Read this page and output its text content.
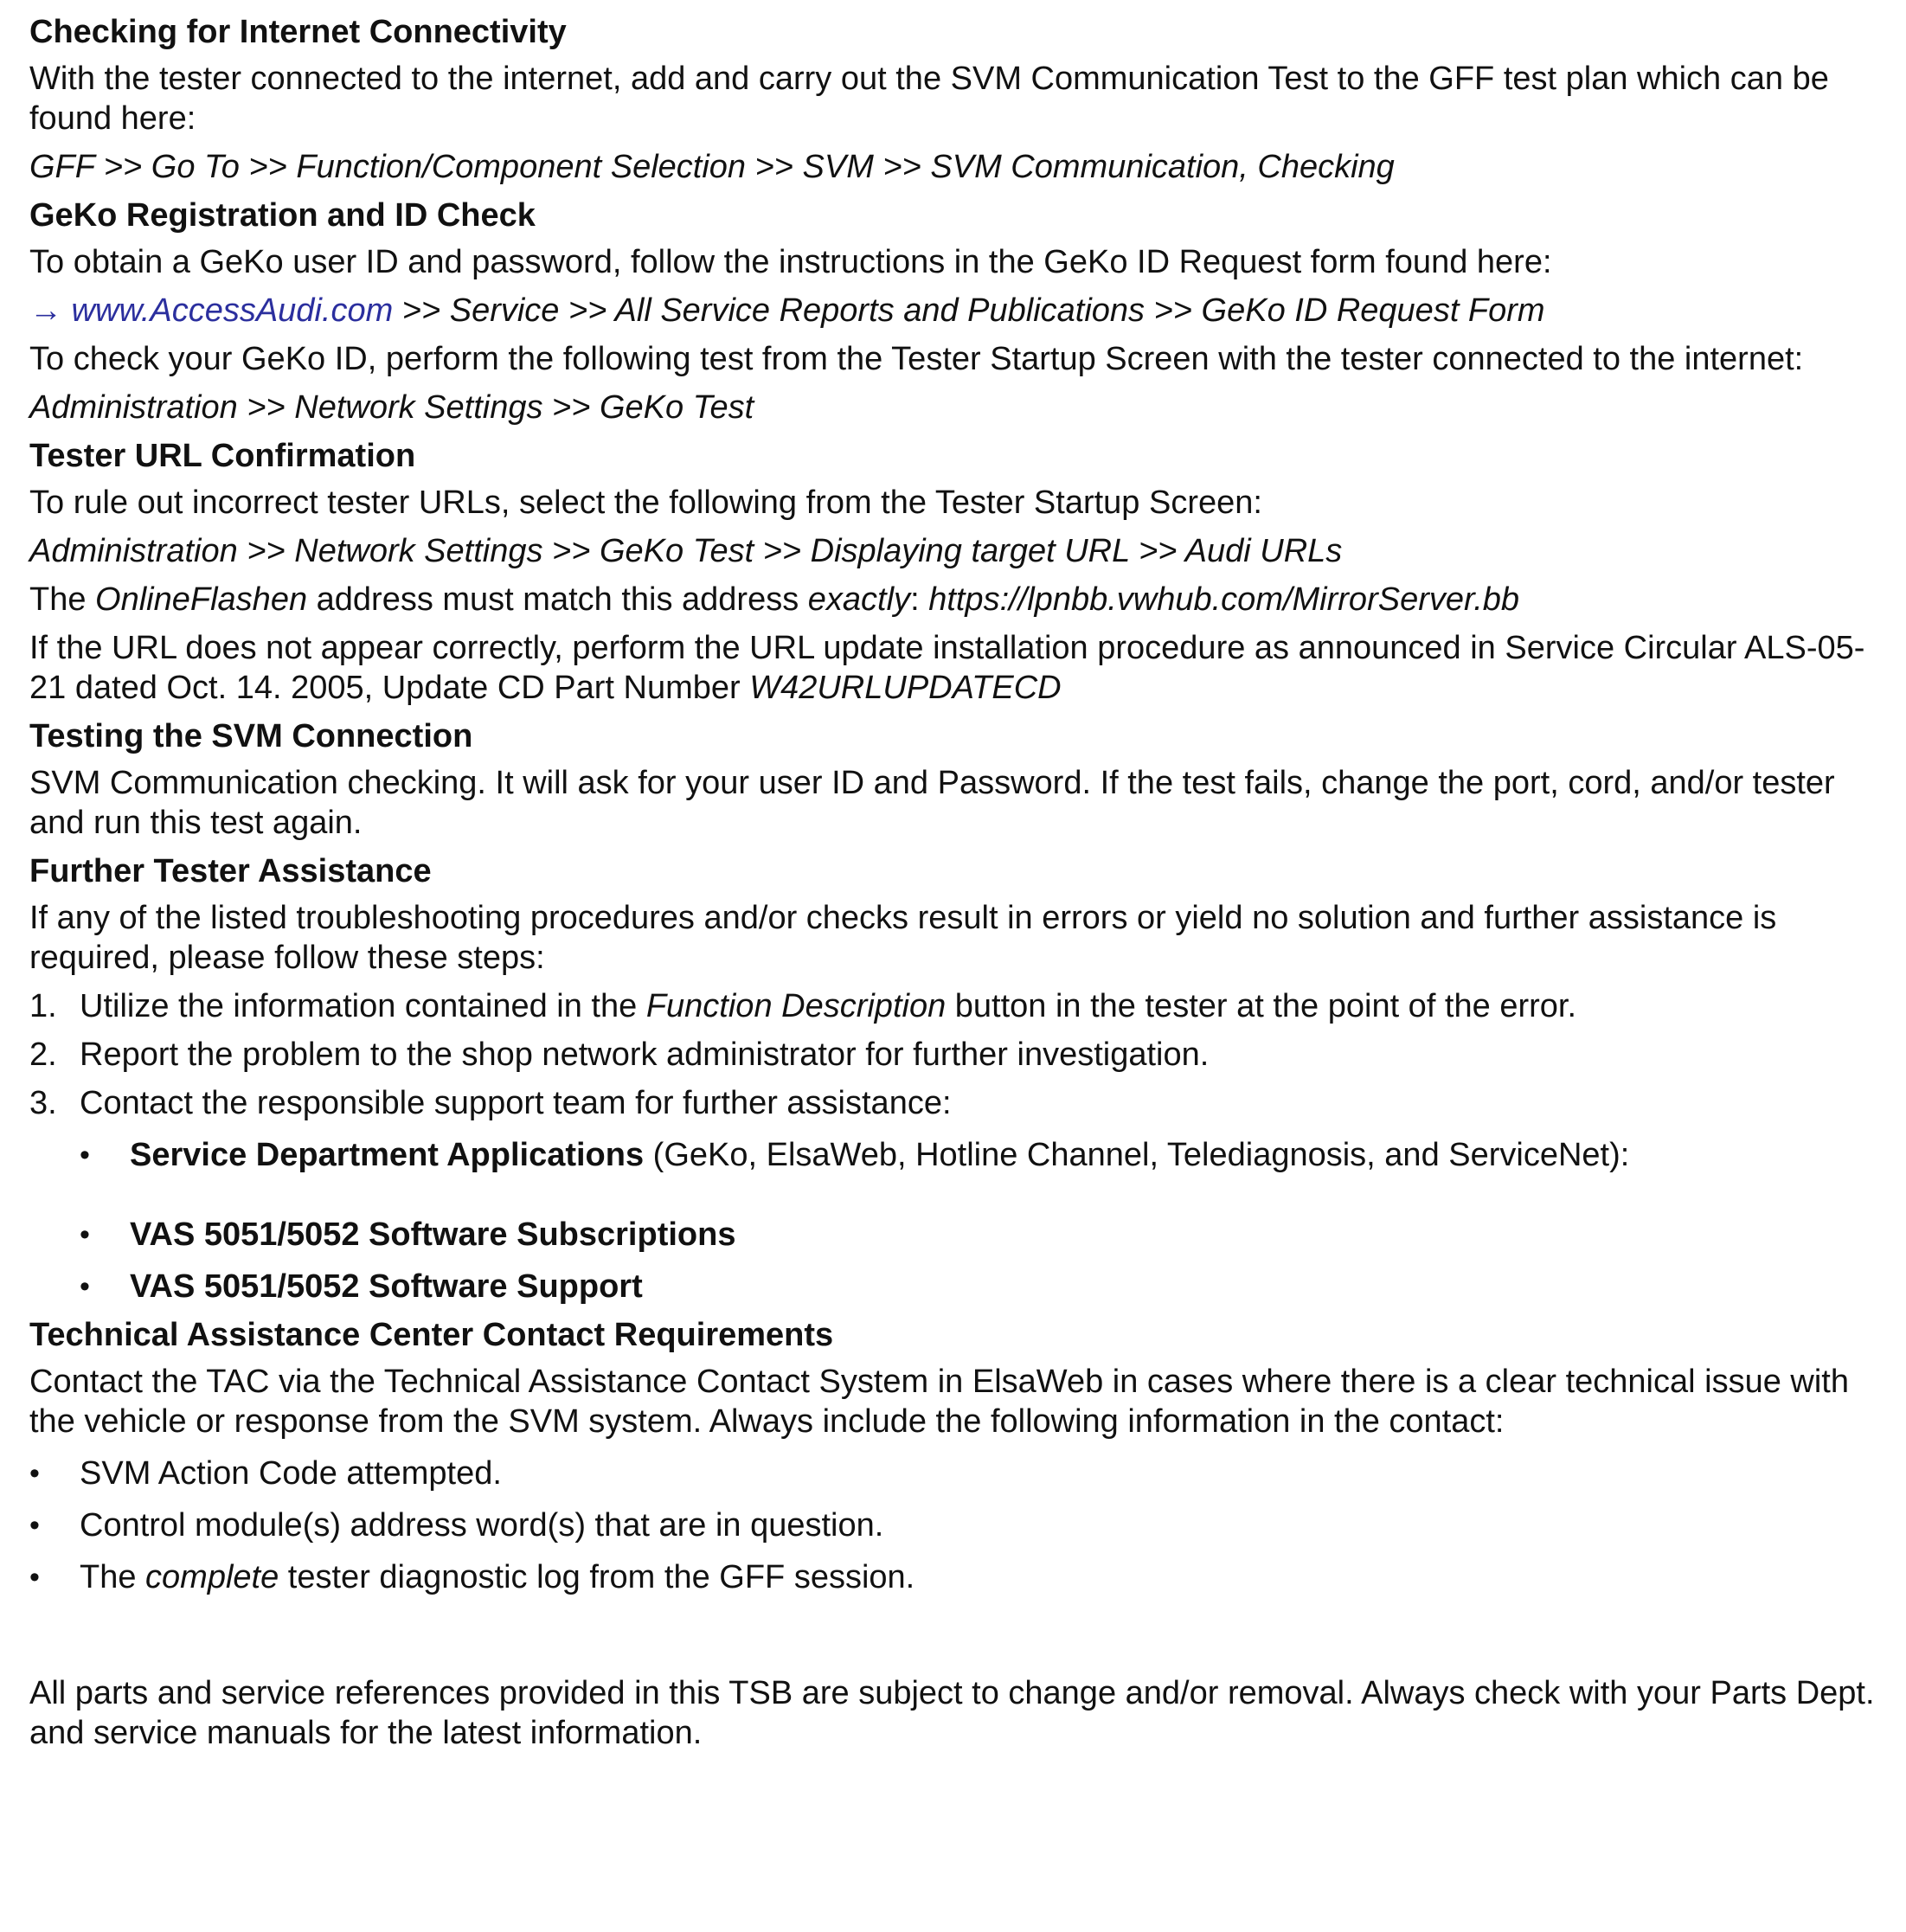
Checking for Internet Connectivity

With the tester connected to the internet, add and carry out the SVM Communication Test to the GFF test plan which can be found here:

GFF >> Go To >> Function/Component Selection >> SVM >> SVM Communication, Checking

GeKo Registration and ID Check

To obtain a GeKo user ID and password, follow the instructions in the GeKo ID Request form found here:

→ www.AccessAudi.com >> Service >> All Service Reports and Publications >> GeKo ID Request Form

To check your GeKo ID, perform the following test from the Tester Startup Screen with the tester connected to the internet:

Administration >> Network Settings >> GeKo Test

Tester URL Confirmation

To rule out incorrect tester URLs, select the following from the Tester Startup Screen:

Administration >> Network Settings >> GeKo Test >> Displaying target URL >> Audi URLs

The OnlineFlashen address must match this address exactly: https://lpnbb.vwhub.com/MirrorServer.bb

If the URL does not appear correctly, perform the URL update installation procedure as announced in Service Circular ALS-05-21 dated Oct. 14. 2005, Update CD Part Number W42URLUPDATECD

Testing the SVM Connection

SVM Communication checking. It will ask for your user ID and Password. If the test fails, change the port, cord, and/or tester and run this test again.

Further Tester Assistance

If any of the listed troubleshooting procedures and/or checks result in errors or yield no solution and further assistance is required, please follow these steps:

1. Utilize the information contained in the Function Description button in the tester at the point of the error.
2. Report the problem to the shop network administrator for further investigation.
3. Contact the responsible support team for further assistance:
•	Service Department Applications (GeKo, ElsaWeb, Hotline Channel, Telediagnosis, and ServiceNet):
•	VAS 5051/5052 Software Subscriptions
•	VAS 5051/5052 Software Support
Technical Assistance Center Contact Requirements

Contact the TAC via the Technical Assistance Contact System in ElsaWeb in cases where there is a clear technical issue with the vehicle or response from the SVM system. Always include the following information in the contact:

•	SVM Action Code attempted.
•	Control module(s) address word(s) that are in question.
•	The complete tester diagnostic log from the GFF session.

All parts and service references provided in this TSB are subject to change and/or removal. Always check with your Parts Dept. and service manuals for the latest information.
